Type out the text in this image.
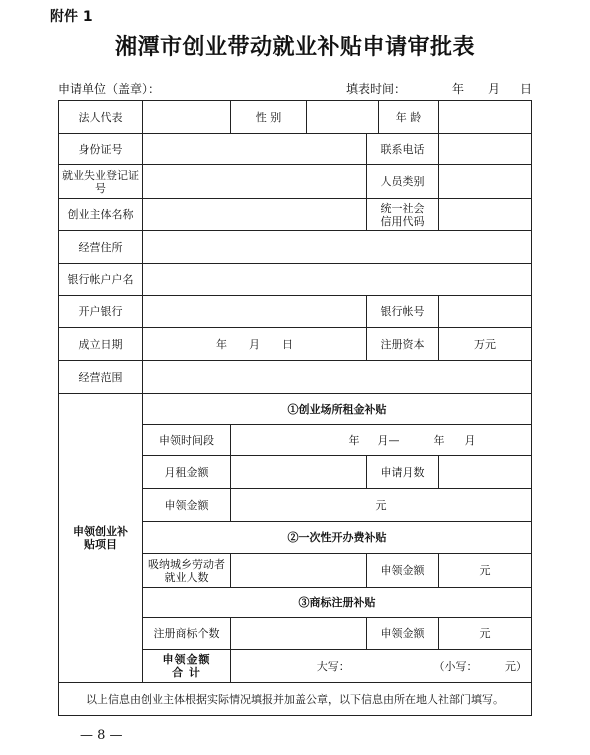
附件 1
湘潭市创业带动就业补贴申请审批表
申请单位（盖章）：	填表时间：	年 月 日
法人代表		性 别			年 龄	
身份证号				联系电话		
就业失业登记证号				人员类别		
创业主体名称				统一社会信用代码		
经营住所						
银行帐户户名						
开户银行				银行帐号		
成立日期	年 月 日			注册资本		万元
经营范围						
申领创业补贴项目	①创业场所租金补贴					
	申领时间段	年 月— 年 月				
	月租金额			申请月数		
	申领金额	元				
	②一次性开办费补贴					
	吸纳城乡劳动者就业人数			申领金额		元
	③商标注册补贴					
	注册商标个数			申领金额		元
	申领金额合 计	大写： （小写：　　　元）				

以上信息由创业主体根据实际情况填报并加盖公章，以下信息由所在地人社部门填写。						
— 8 —
